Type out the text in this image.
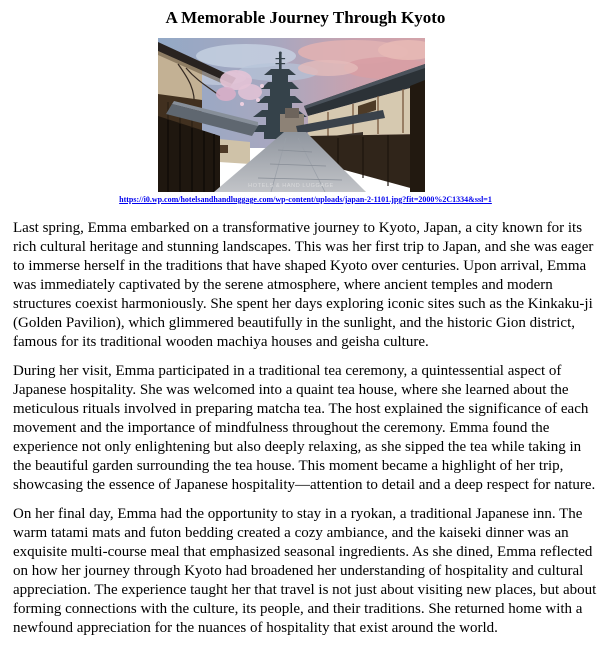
A Memorable Journey Through Kyoto
HOTELS & HAND LUGGAGE
https://i0.wp.com/hotelsandhandluggage.com/wp-content/uploads/japan-2-1101.jpg?fit=2000%2C1334&ssl=1

Last spring, Emma embarked on a transformative journey to Kyoto, Japan, a city known for its rich cultural heritage and stunning landscapes. This was her first trip to Japan, and she was eager to immerse herself in the traditions that have shaped Kyoto over centuries. Upon arrival, Emma was immediately captivated by the serene atmosphere, where ancient temples and modern structures coexist harmoniously. She spent her days exploring iconic sites such as the Kinkaku-ji (Golden Pavilion), which glimmered beautifully in the sunlight, and the historic Gion district, famous for its traditional wooden machiya houses and geisha culture.

During her visit, Emma participated in a traditional tea ceremony, a quintessential aspect of Japanese hospitality. She was welcomed into a quaint tea house, where she learned about the meticulous rituals involved in preparing matcha tea. The host explained the significance of each movement and the importance of mindfulness throughout the ceremony. Emma found the experience not only enlightening but also deeply relaxing, as she sipped the tea while taking in the beautiful garden surrounding the tea house. This moment became a highlight of her trip, showcasing the essence of Japanese hospitality—attention to detail and a deep respect for nature.

On her final day, Emma had the opportunity to stay in a ryokan, a traditional Japanese inn. The warm tatami mats and futon bedding created a cozy ambiance, and the kaiseki dinner was an exquisite multi-course meal that emphasized seasonal ingredients. As she dined, Emma reflected on how her journey through Kyoto had broadened her understanding of hospitality and cultural appreciation. The experience taught her that travel is not just about visiting new places, but about forming connections with the culture, its people, and their traditions. She returned home with a newfound appreciation for the nuances of hospitality that exist around the world.
